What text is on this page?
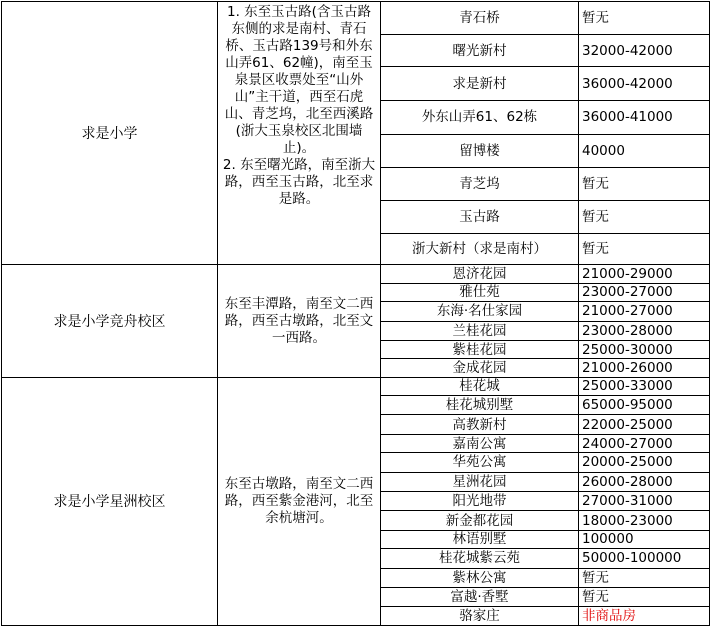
求是小学	1. 东至玉古路(含玉古路东侧的求是南村、青石桥、玉古路139号和外东山弄61、62幢)，南至玉泉景区收票处至“山外山”主干道，西至石虎山、青芝坞，北至西溪路(浙大玉泉校区北围墙止)。
2. 东至曙光路，南至浙大路，西至玉古路，北至求是路。	青石桥	暂无
		曙光新村	32000-42000
		求是新村	36000-42000
		外东山弄61、62栋	36000-41000
		留博楼	40000
		青芝坞	暂无
		玉古路	暂无
		浙大新村（求是南村）	暂无
求是小学竞舟校区	东至丰潭路，南至文二西路，西至古墩路，北至文一西路。	恩济花园	21000-29000
		雅仕苑	23000-27000
		东海·名仕家园	21000-27000
		兰桂花园	23000-28000
		紫桂花园	25000-30000
		金成花园	21000-26000
求是小学星洲校区	东至古墩路，南至文二西路，西至紫金港河，北至余杭塘河。	桂花城	25000-33000
		桂花城别墅	65000-95000
		高教新村	22000-25000
		嘉南公寓	24000-27000
		华苑公寓	20000-25000
		星洲花园	26000-28000
		阳光地带	27000-31000
		新金都花园	18000-23000
		林语别墅	100000
		桂花城紫云苑	50000-100000
		紫林公寓	暂无
		富越·香墅	暂无
		骆家庄	非商品房
